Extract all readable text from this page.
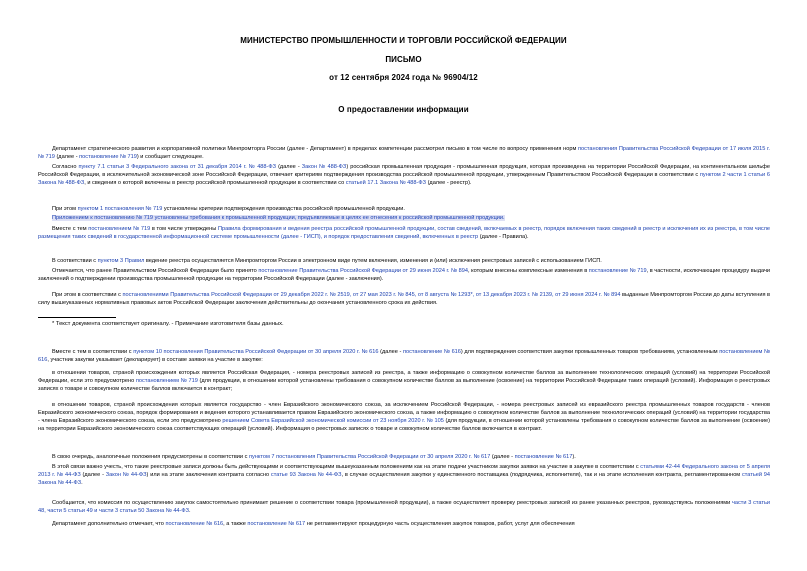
МИНИСТЕРСТВО ПРОМЫШЛЕННОСТИ И ТОРГОВЛИ РОССИЙСКОЙ ФЕДЕРАЦИИ
ПИСЬМО
от 12 сентября 2024 года № 96904/12
О предоставлении информации
Департамент стратегического развития и корпоративной политики Минпромторга России (далее - Департамент) в пределах компетенции рассмотрел письмо в том числе по вопросу применения норм постановления Правительства Российской Федерации от 17 июля 2015 г. № 719 (далее - постановление № 719) и сообщает следующее.
Согласно пункту 7.1 статьи 3 Федерального закона от 31 декабря 2014 г. № 488-ФЗ (далее - Закон № 488-ФЗ) российская промышленная продукция - промышленная продукция, которая произведена на территории Российской Федерации, на континентальном шельфе Российской Федерации, в исключительной экономической зоне Российской Федерации, отвечает критериям подтверждения производства российской промышленной продукции, утвержденным Правительством Российской Федерации в соответствии с пунктом 2 части 1 статьи 6 Закона № 488-ФЗ, и сведения о которой включены в реестр российской промышленной продукции в соответствии со статьей 17.1 Закона № 488-ФЗ (далее - реестр).
При этом пунктом 1 постановления № 719 установлены критерии подтверждения производства российской промышленной продукции.
Приложением к постановлению № 719 установлены требования к промышленной продукции, предъявляемые в целях ее отнесения к российской промышленной продукции.
Вместе с тем постановлением № 719 в том числе утверждены Правила формирования и ведения реестра российской промышленной продукции, состав сведений, включаемых в реестр, порядок включения таких сведений в реестр и исключения их из реестра, в том числе размещения таких сведений в государственной информационной системе промышленности (далее - ГИСП), и порядок предоставления сведений, включенных в реестр (далее - Правила).
В соответствии с пунктом 3 Правил ведение реестра осуществляется Минпромторгом России в электронном виде путем включения, изменения и (или) исключения реестровых записей с использованием ГИСП.
Отмечается, что ранее Правительством Российской Федерации было принято постановление Правительства Российской Федерации от 29 июня 2024 г. № 894, которым внесены комплексные изменения в постановление № 719, в частности, исключающие процедуру выдачи заключений о подтверждении производства промышленной продукции на территории Российской Федерации (далее - заключения).
При этом в соответствии с постановлениями Правительства Российской Федерации от 29 декабря 2022 г. № 2519, от 27 мая 2023 г. № 845, от 8 августа № 1293*, от 13 декабря 2023 г. № 2139, от 29 июня 2024 г. № 894 выданные Минпромторгом России до даты вступления в силу вышеуказанных нормативных правовых актов Российской Федерации заключения действительны до окончания установленного срока их действия.
* Текст документа соответствует оригиналу. - Примечание изготовителя базы данных.
Вместе с тем в соответствии с пунктом 10 постановления Правительства Российской Федерации от 30 апреля 2020 г. № 616 (далее - постановление № 616) для подтверждения соответствия закупки промышленных товаров требованиям, установленным постановлением № 616, участник закупки указывает (декларирует) в составе заявки на участие в закупке:
в отношении товаров, страной происхождения которых является Российская Федерация, - номера реестровых записей из реестра, а также информацию о совокупном количестве баллов за выполнение технологических операций (условий) на территории Российской Федерации, если это предусмотрено постановлением № 719 (для продукции, в отношении которой установлены требования о совокупном количестве баллов за выполнение (освоение) на территории Российской Федерации таких операций (условий). Информация о реестровых записях о товаре и совокупном количестве баллов включается в контракт;
в отношении товаров, страной происхождения которых является государство - член Евразийского экономического союза, за исключением Российской Федерации, - номера реестровых записей из евразийского реестра промышленных товаров государств - членов Евразийского экономического союза, порядок формирования и ведения которого устанавливается правом Евразийского экономического союза, а также информацию о совокупном количестве баллов за выполнение технологических операций (условий) на территории государства - члена Евразийского экономического союза, если это предусмотрено решением Совета Евразийской экономической комиссии от 23 ноября 2020 г. № 105 (для продукции, в отношении которой установлены требования о совокупном количестве баллов за выполнение (освоение) на территории Евразийского экономического союза соответствующих операций (условий). Информация о реестровых записях о товаре и совокупном количестве баллов включается в контракт.
В свою очередь, аналогичные положения предусмотрены в соответствии с пунктом 7 постановления Правительства Российской Федерации от 30 апреля 2020 г. № 617 (далее - постановление № 617).
В этой связи важно учесть, что такие реестровые записи должны быть действующими и соответствующими вышеуказанным положениям как на этапе подачи участником закупки заявки на участие в закупке в соответствии с статьями 42-44 Федерального закона от 5 апреля 2013 г. № 44-ФЗ (далее - Закон № 44-ФЗ) или на этапе заключения контракта согласно статье 93 Закона № 44-ФЗ, в случае осуществления закупки у единственного поставщика (подрядчика, исполнителя), так и на этапе исполнения контракта, регламентированном статьей 94 Закона № 44-ФЗ.
Сообщается, что комиссия по осуществлению закупок самостоятельно принимает решение о соответствии товара (промышленной продукции), а также осуществляет проверку реестровых записей из ранее указанных реестров, руководствуясь положениями части 3 статьи 48, части 5 статьи 49 и части 3 статьи 50 Закона № 44-ФЗ.
Департамент дополнительно отмечает, что постановление № 616, а также постановление № 617 не регламентируют процедурную часть осуществления закупок товаров, работ, услуг для обеспечения
